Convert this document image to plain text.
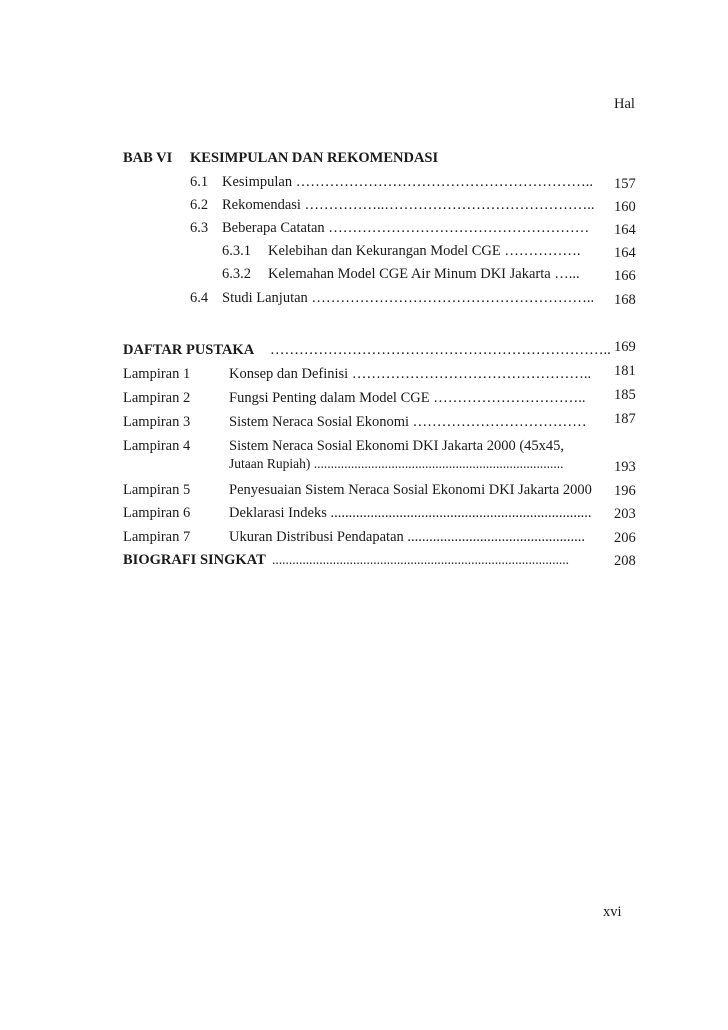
Hal
BAB VI KESIMPULAN DAN REKOMENDASI
6.1 Kesimpulan …………………………………………………….. 157
6.2 Rekomendasi ……………..…………………………………….. 160
6.3 Beberapa Catatan ……………………………………………… 164
6.3.1 Kelebihan dan Kekurangan Model CGE ……………. 164
6.3.2 Kelemahan Model CGE Air Minum DKI Jakarta …... 166
6.4 Studi Lanjutan ………………………………………………….. 168
DAFTAR PUSTAKA …………………………………………………………….. 169
Lampiran 1	Konsep dan Definisi ………………………………………….. 181
Lampiran 2	Fungsi Penting dalam Model CGE ………………………….. 185
Lampiran 3	Sistem Neraca Sosial Ekonomi ……………………………… 187
Lampiran 4	Sistem Neraca Sosial Ekonomi DKI Jakarta 2000 (45x45,
Jutaan Rupiah) ..........................................................................	193
Lampiran 5	Penyesuaian Sistem Neraca Sosial Ekonomi DKI Jakarta 2000 196
Lampiran 6	Deklarasi Indeks ........................................................................ 203
Lampiran 7	Ukuran Distribusi Pendapatan ................................................. 206
BIOGRAFI SINGKAT ........................................................................................	208
xvi
